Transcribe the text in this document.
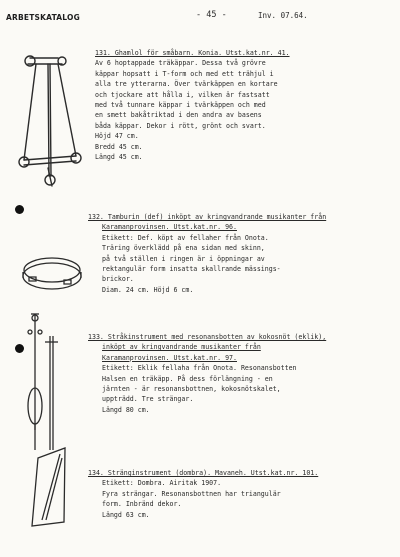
ARBETSKATALOG	- 45 -	Inv. 07.64.
131. Ghamlol för småbarn. Konia. Utst.kat.nr. 41.
Av 6 hoptappade träkäppar. Dessa två grövre
käppar hopsatt i T-form och med ett trähjul i
alla tre ytterarna. Över tvärkäppen en kortare
och tjockare att hålla i, vilken är fastsatt
med två tunnare käppar i tvärkäppen och med
en smett bakåtriktad i den andra av basens
båda käppar. Dekor i rött, grönt och svart.
Höjd 47 cm.
Bredd 45 cm.
Längd 45 cm.
132. Tamburin (def) inköpt av kringvandrande musikanter från
Karamanprovinsen. Utst.kat.nr. 96.
Etikett: Def. köpt av fellaher från Onota.
Träring överklädd på ena sidan med skinn,
på två ställen i ringen är i öppningar av
rektangulär form insatta skallrande mässings-
brickor.
Diam. 24 cm. Höjd 6 cm.
133. Stråkinstrument med resonansbotten av kokosnöt (eklik),
inköpt av kringvandrande musikanter från
Karamanprovinsen. Utst.kat.nr. 97.
Etikett: Eklik fellaha från Onota. Resonansbotten
Halsen en träkäpp. På dess förlängning - en
järnten - är resonansbottnen, kokosnötskalet,
uppträdd. Tre strängar.
Längd 80 cm.
134. Stränginstrument (dombra). Mavaneh. Utst.kat.nr. 101.
Etikett: Dombra. Airitak 1907.
Fyra strängar. Resonansbottnen har triangulär
form. Inbränd dekor.
Längd 63 cm.
